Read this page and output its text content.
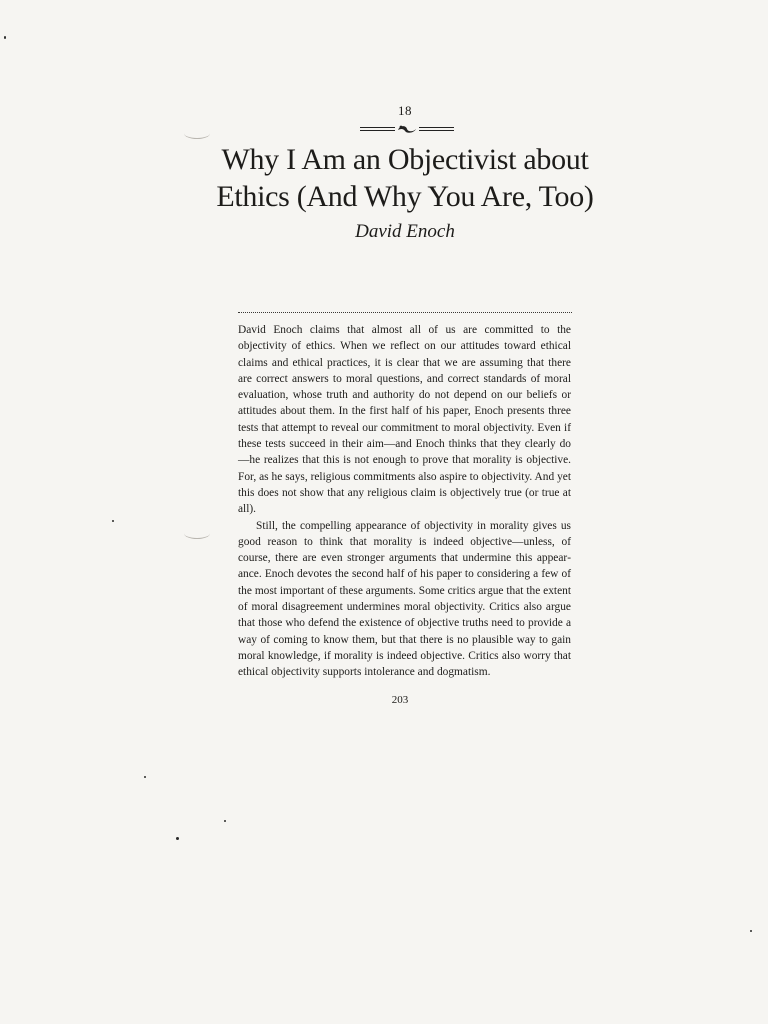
18
Why I Am an Objectivist about
Ethics (And Why You Are, Too)
David Enoch

David Enoch claims that almost all of us are committed to the objectivity of ethics. When we reflect on our attitudes toward ethical claims and ethical practices, it is clear that we are assuming that there are correct answers to moral questions, and correct standards of moral evaluation, whose truth and authority do not depend on our beliefs or attitudes about them. In the first half of his paper, Enoch presents three tests that attempt to reveal our commitment to moral objectivity. Even if these tests succeed in their aim—and Enoch thinks that they clearly do—he realizes that this is not enough to prove that morality is objective. For, as he says, religious commitments also aspire to objectivity. And yet this does not show that any religious claim is objectively true (or true at all).

Still, the compelling appearance of objectivity in morality gives us good reason to think that morality is indeed objective—unless, of course, there are even stronger arguments that undermine this appearance. Enoch devotes the second half of his paper to considering a few of the most important of these arguments. Some critics argue that the extent of moral disagreement undermines moral objectivity. Critics also argue that those who defend the existence of objective truths need to provide a way of coming to know them, but that there is no plausible way to gain moral knowledge, if morality is indeed objective. Critics also worry that ethical objectivity supports intolerance and dogmatism.

203
